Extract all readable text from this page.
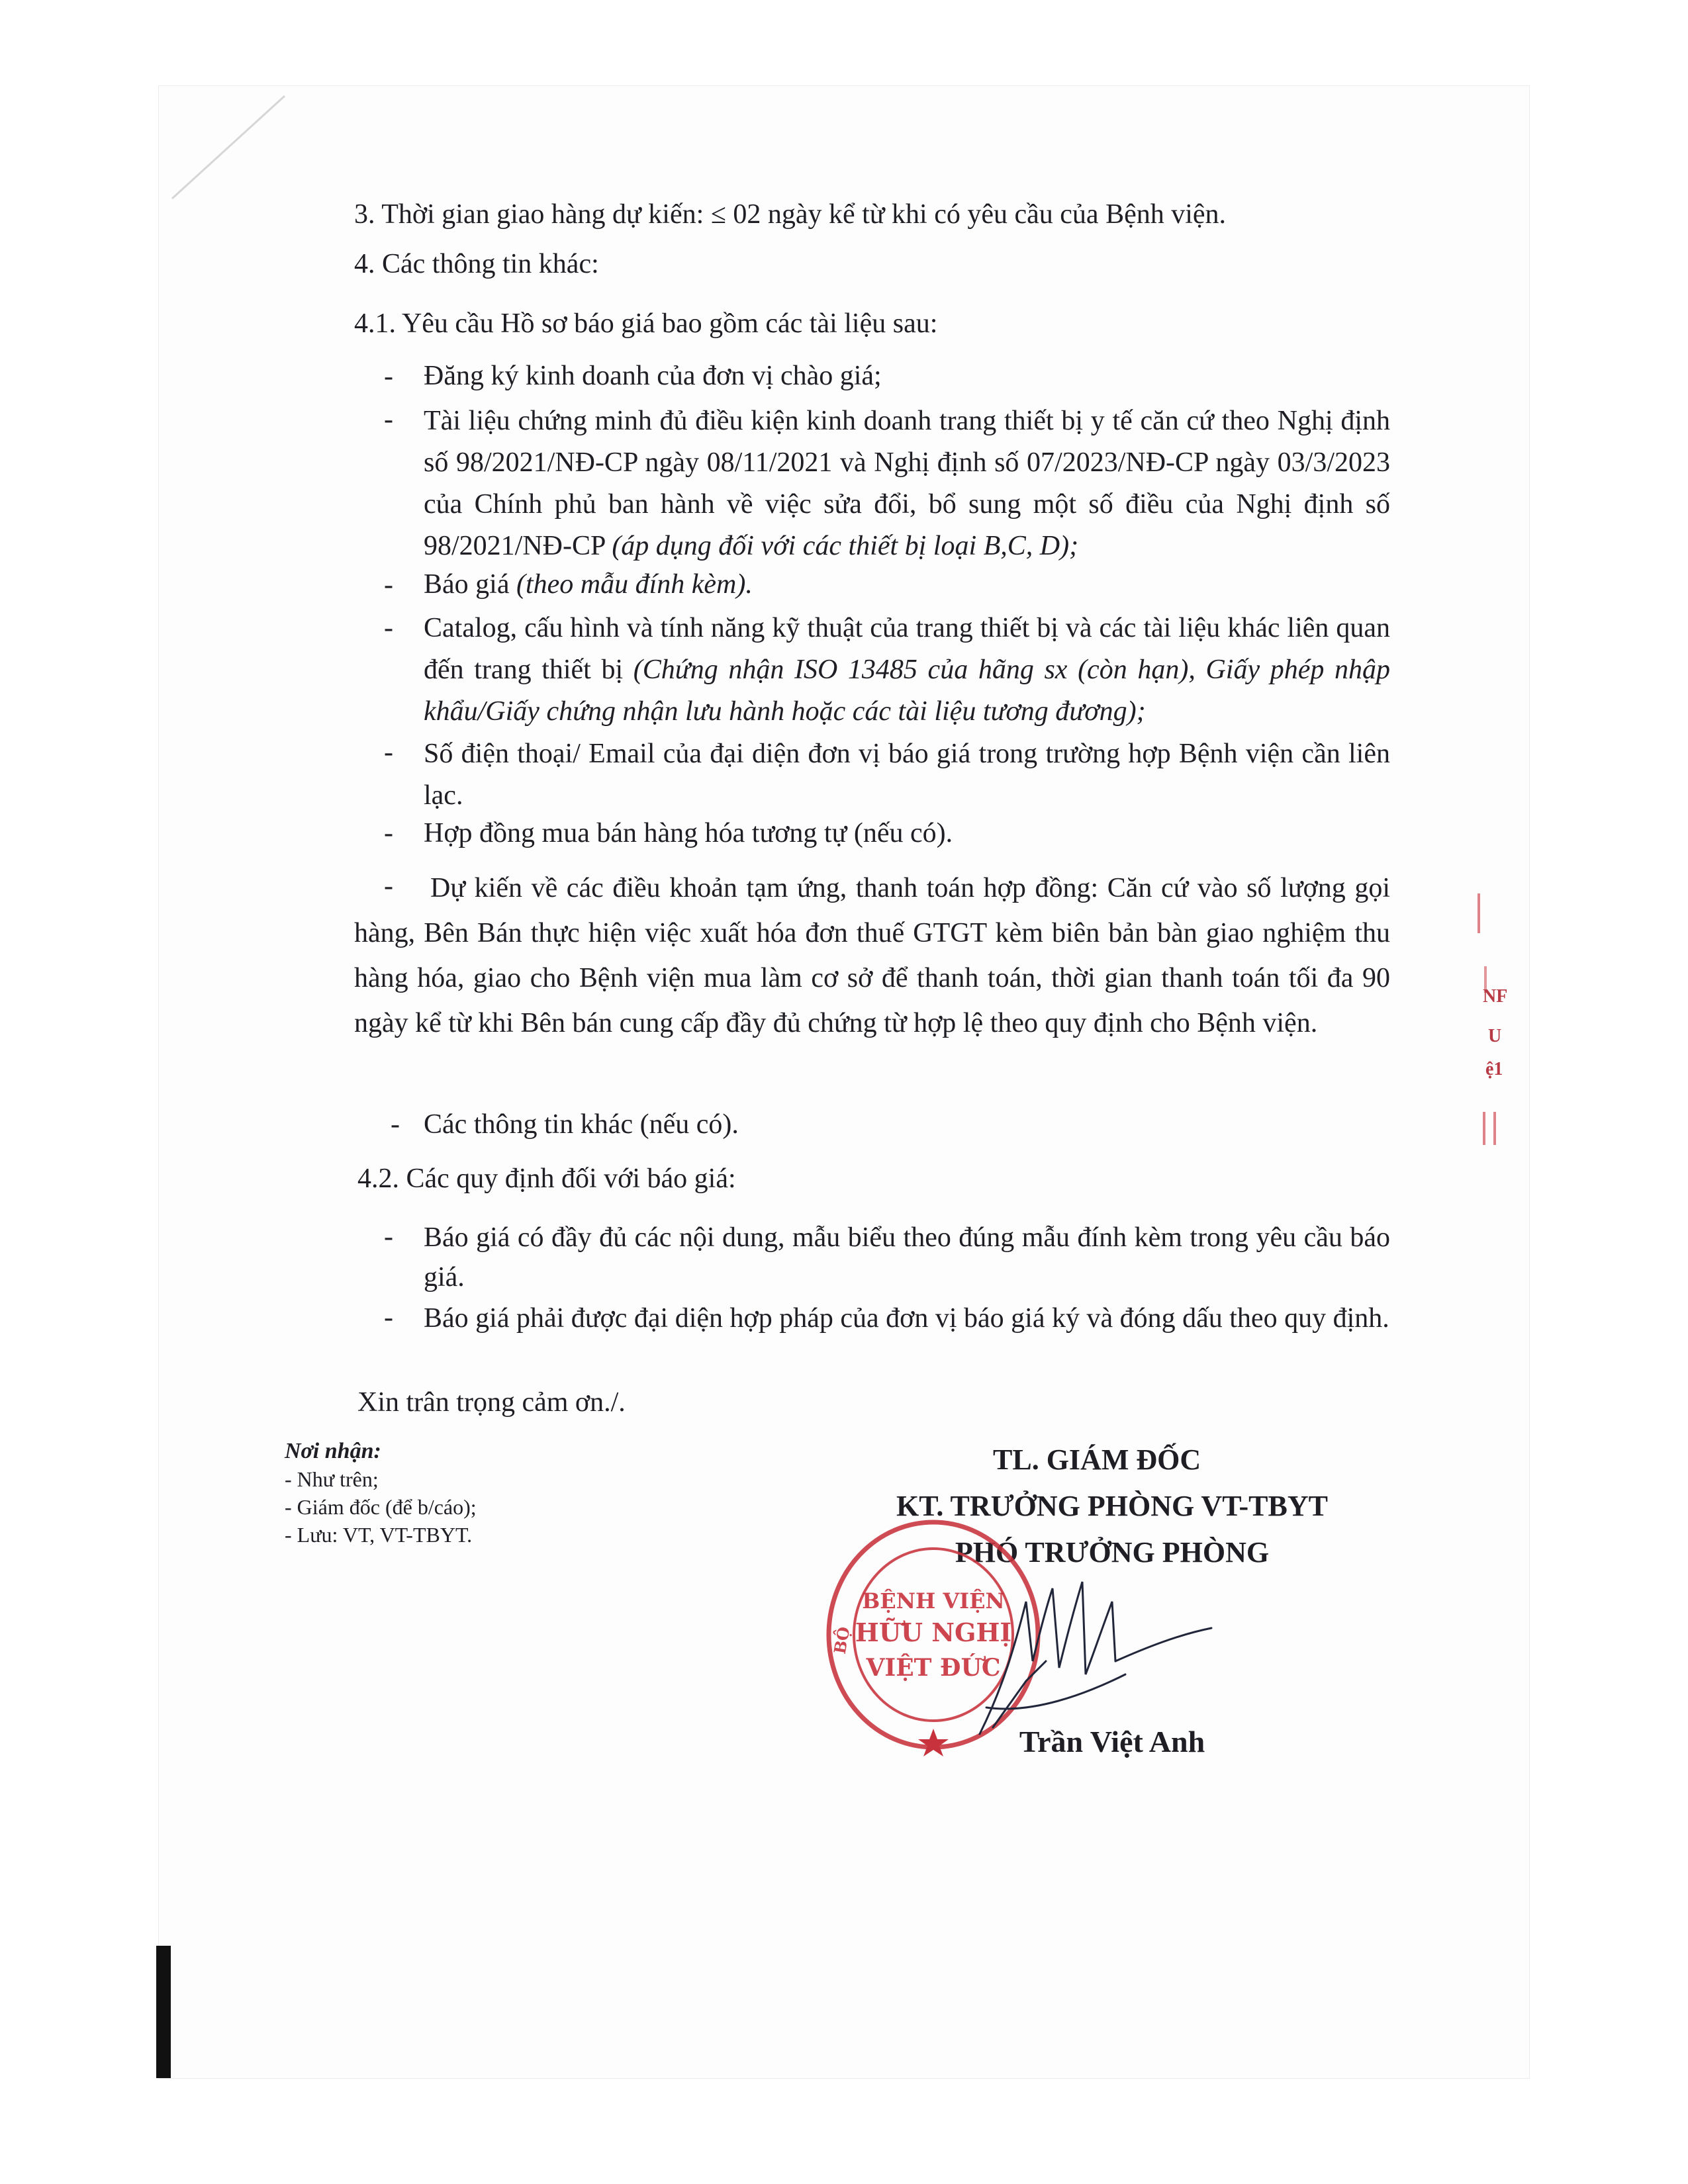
3. Thời gian giao hàng dự kiến: ≤ 02 ngày kể từ khi có yêu cầu của Bệnh viện.
4. Các thông tin khác:
4.1. Yêu cầu Hồ sơ báo giá bao gồm các tài liệu sau:
- Đăng ký kinh doanh của đơn vị chào giá;
- Tài liệu chứng minh đủ điều kiện kinh doanh trang thiết bị y tế căn cứ theo Nghị định số 98/2021/NĐ-CP ngày 08/11/2021 và Nghị định số 07/2023/NĐ-CP ngày 03/3/2023 của Chính phủ ban hành về việc sửa đổi, bổ sung một số điều của Nghị định số 98/2021/NĐ-CP (áp dụng đối với các thiết bị loại B,C, D);
- Báo giá (theo mẫu đính kèm).
- Catalog, cấu hình và tính năng kỹ thuật của trang thiết bị và các tài liệu khác liên quan đến trang thiết bị (Chứng nhận ISO 13485 của hãng sx (còn hạn), Giấy phép nhập khẩu/Giấy chứng nhận lưu hành hoặc các tài liệu tương đương);
- Số điện thoại/ Email của đại diện đơn vị báo giá trong trường hợp Bệnh viện cần liên lạc.
- Hợp đồng mua bán hàng hóa tương tự (nếu có).
-	Dự kiến về các điều khoản tạm ứng, thanh toán hợp đồng: Căn cứ vào số lượng gọi hàng, Bên Bán thực hiện việc xuất hóa đơn thuế GTGT kèm biên bản bàn giao nghiệm thu hàng hóa, giao cho Bệnh viện mua làm cơ sở để thanh toán, thời gian thanh toán tối đa 90 ngày kể từ khi Bên bán cung cấp đầy đủ chứng từ hợp lệ theo quy định cho Bệnh viện.
- Các thông tin khác (nếu có).
4.2. Các quy định đối với báo giá:
- Báo giá có đầy đủ các nội dung, mẫu biểu theo đúng mẫu đính kèm trong yêu cầu báo giá.
- Báo giá phải được đại diện hợp pháp của đơn vị báo giá ký và đóng dấu theo quy định.
Xin trân trọng cảm ơn./.
Nơi nhận:
- Như trên;
- Giám đốc (để b/cáo);
- Lưu: VT, VT-TBYT.
TL. GIÁM ĐỐC
KT. TRƯỞNG PHÒNG VT-TBYT
PHÓ TRƯỞNG PHÒNG
BỆNH VIỆN
HỮU NGHỊ
VIỆT ĐỨC
BỘ
Trần Việt Anh
NF
U
ệ1
